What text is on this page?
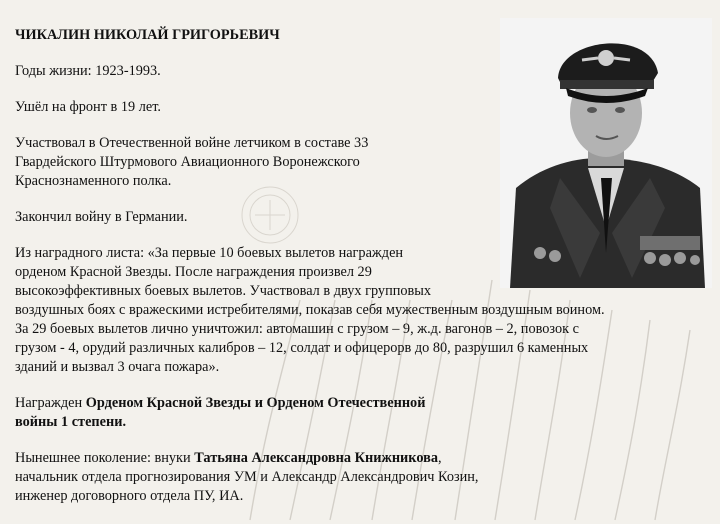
ЧИКАЛИН НИКОЛАЙ ГРИГОРЬЕВИЧ

Годы жизни: 1923-1993.

Ушёл на фронт в 19 лет.

Участвовал в Отечественной войне летчиком в составе 33
Гвардейского Штурмового Авиационного Воронежского
Краснознаменного полка.

Закончил войну в Германии.

Из наградного листа: «За первые 10 боевых вылетов награжден
орденом Красной Звезды. После награждения произвел 29
высокоэффективных боевых вылетов. Участвовал в двух групповых
воздушных боях с вражескими истребителями, показав себя мужественным воздушным воином.
За 29 боевых вылетов лично уничтожил: автомашин с грузом – 9, ж.д. вагонов – 2, повозок с
грузом - 4, орудий различных калибров – 12, солдат и офицерорв до 80, разрушил 6 каменных
зданий и вызвал 3 очага пожара».

Награжден Орденом Красной Звезды и Орденом Отечественной
войны 1 степени.

Нынешнее поколение: внуки Татьяна Александровна Книжникова,
начальник отдела прогнозирования УМ и Александр Александрович Козин,
инженер договорного отдела ПУ, ИА.
